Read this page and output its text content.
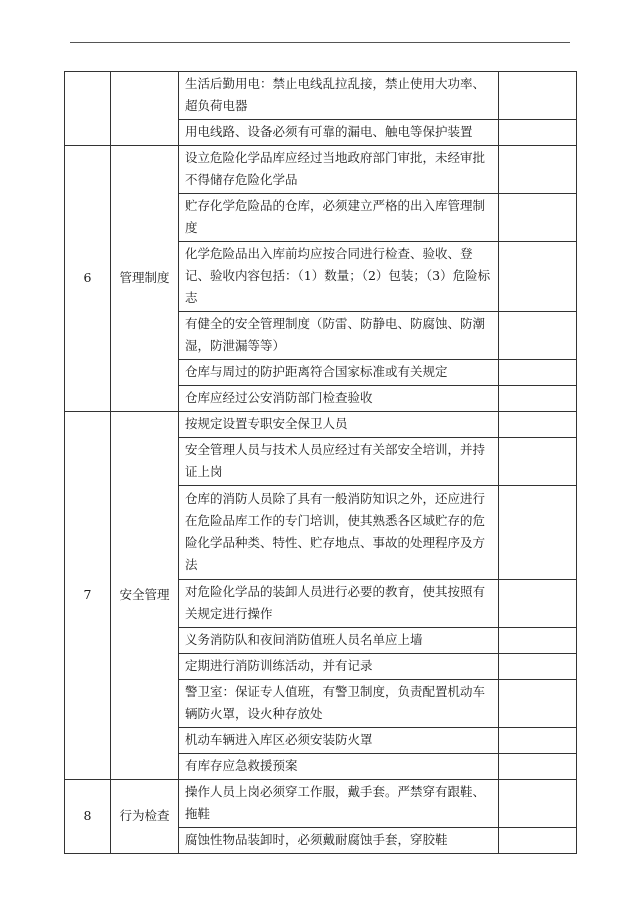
		生活后勤用电：禁止电线乱拉乱接，禁止使用大功率、超负荷电器	
		用电线路、设备必须有可靠的漏电、触电等保护装置	
6	管理制度	设立危险化学品库应经过当地政府部门审批，未经审批不得储存危险化学品	
		贮存化学危险品的仓库，必须建立严格的出入库管理制度	
		化学危险品出入库前均应按合同进行检查、验收、登记、验收内容包括：（1）数量；（2）包装；（3）危险标志	
		有健全的安全管理制度（防雷、防静电、防腐蚀、防潮湿，防泄漏等等）	
		仓库与周过的防护距离符合国家标准或有关规定	
		仓库应经过公安消防部门检查验收	
7	安全管理	按规定设置专职安全保卫人员	
		安全管理人员与技术人员应经过有关部安全培训，并持证上岗	
		仓库的消防人员除了具有一般消防知识之外，还应进行在危险品库工作的专门培训，使其熟悉各区域贮存的危险化学品种类、特性、贮存地点、事故的处理程序及方法	
		对危险化学品的装卸人员进行必要的教育，使其按照有关规定进行操作	
		义务消防队和夜间消防值班人员名单应上墙	
		定期进行消防训练活动，并有记录	
		警卫室：保证专人值班，有警卫制度，负责配置机动车辆防火罩，设火种存放处	
		机动车辆进入库区必须安装防火罩	
		有库存应急救援预案	
8	行为检查	操作人员上岗必须穿工作服，戴手套。严禁穿有跟鞋、拖鞋	
		腐蚀性物品装卸时，必须戴耐腐蚀手套，穿胶鞋	
